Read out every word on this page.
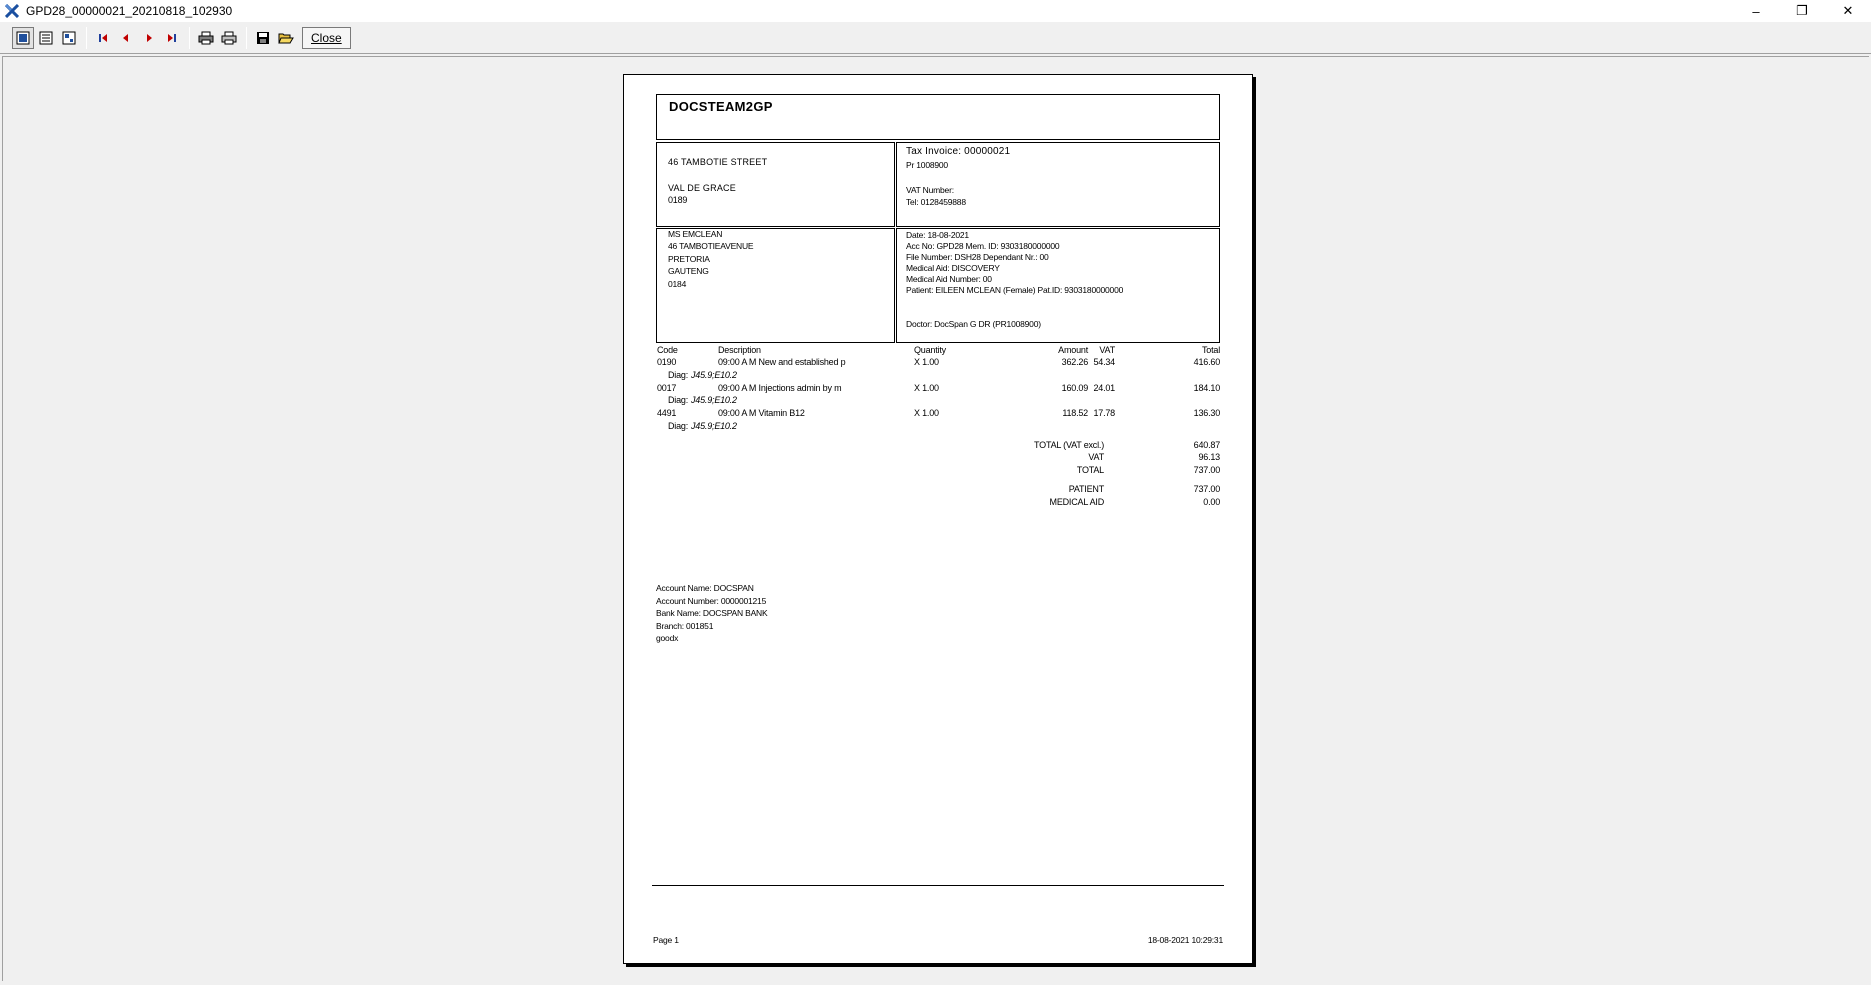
GPD28_00000021_20210818_102930	–	❐	✕
Close
DOCSTEAM2GP
46 TAMBOTIE STREET
VAL DE GRACE
0189
Tax Invoice: 00000021
Pr 1008900
VAT Number:
Tel: 0128459888
MS EMCLEAN
46 TAMBOTIEAVENUE
PRETORIA
GAUTENG
0184
Date: 18-08-2021
Acc No: GPD28 Mem. ID: 9303180000000
File Number: DSH28 Dependant Nr.: 00
Medical Aid: DISCOVERY
Medical Aid Number: 00
Patient: EILEEN MCLEAN (Female) Pat.ID: 9303180000000
Doctor: DocSpan G DR (PR1008900)
Code	Description	Quantity	Amount	VAT	Total
0190	09:00 A M New and established p	X 1.00	362.26 54.34	416.60
Diag: J45.9;E10.2
0017	09:00 A M Injections admin by m	X 1.00	160.09 24.01	184.10
Diag: J45.9;E10.2
4491	09:00 A M Vitamin B12	X 1.00	118.52 17.78	136.30
Diag: J45.9;E10.2
TOTAL (VAT excl.)	640.87
VAT	96.13
TOTAL	737.00
PATIENT	737.00
MEDICAL AID	0.00
Account Name: DOCSPAN
Account Number: 0000001215
Bank Name: DOCSPAN BANK
Branch: 001851
goodx
Page 1	18-08-2021 10:29:31
